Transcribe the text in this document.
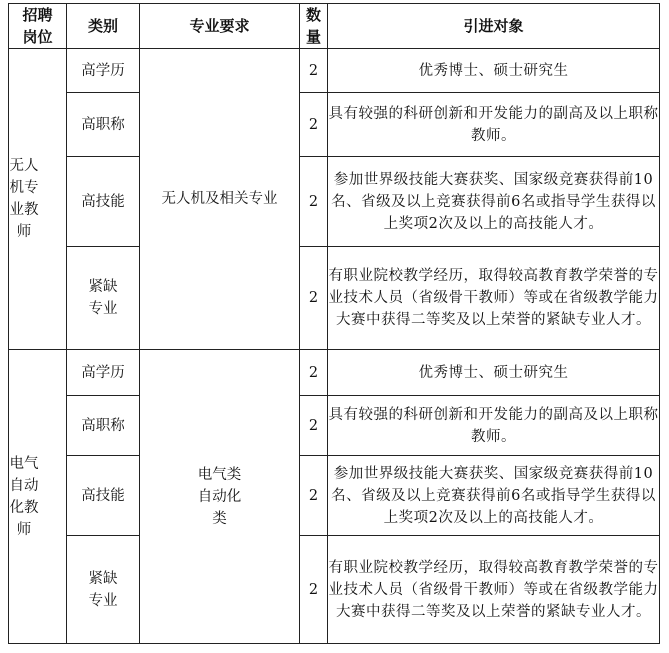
招聘岗位	类别	专业要求	数量	引进对象

无人机专业教师	高学历	无人机及相关专业	2	优秀博士、硕士研究生
	高职称		2	具有较强的科研创新和开发能力的副高及以上职称教师。
	高技能		2	参加世界级技能大赛获奖、国家级竞赛获得前10名、省级及以上竞赛获得前6名或指导学生获得以上奖项2次及以上的高技能人才。
	紧缺专业		2	有职业院校教学经历，取得较高教育教学荣誉的专业技术人员（省级骨干教师）等或在省级教学能力大赛中获得二等奖及以上荣誉的紧缺专业人才。

电气自动化教师	高学历	电气类自动化类	2	优秀博士、硕士研究生
	高职称		2	具有较强的科研创新和开发能力的副高及以上职称教师。
	高技能		2	参加世界级技能大赛获奖、国家级竞赛获得前10名、省级及以上竞赛获得前6名或指导学生获得以上奖项2次及以上的高技能人才。
	紧缺专业		2	有职业院校教学经历，取得较高教育教学荣誉的专业技术人员（省级骨干教师）等或在省级教学能力大赛中获得二等奖及以上荣誉的紧缺专业人才。
